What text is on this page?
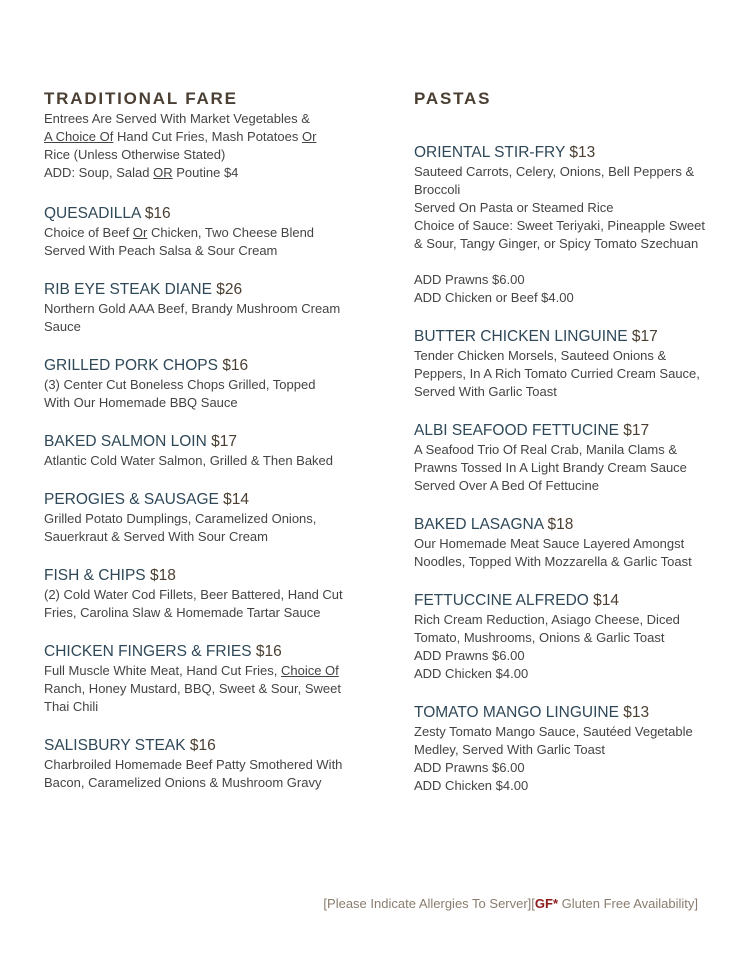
TRADITIONAL FARE

Entrees Are Served With Market Vegetables &
A Choice Of Hand Cut Fries, Mash Potatoes Or
Rice (Unless Otherwise Stated)
ADD: Soup, Salad OR Poutine $4

QUESADILLA $16

Choice of Beef Or Chicken, Two Cheese Blend Served With Peach Salsa & Sour Cream

RIB EYE STEAK DIANE $26

Northern Gold AAA Beef, Brandy Mushroom Cream Sauce

GRILLED PORK CHOPS $16

(3) Center Cut Boneless Chops Grilled, Topped With Our Homemade BBQ Sauce

BAKED SALMON LOIN $17

Atlantic Cold Water Salmon, Grilled & Then Baked

PEROGIES & SAUSAGE $14

Grilled Potato Dumplings, Caramelized Onions, Sauerkraut & Served With Sour Cream

FISH & CHIPS $18

(2) Cold Water Cod Fillets, Beer Battered, Hand Cut Fries, Carolina Slaw & Homemade Tartar Sauce

CHICKEN FINGERS & FRIES $16

Full Muscle White Meat, Hand Cut Fries, Choice Of Ranch, Honey Mustard, BBQ, Sweet & Sour, Sweet Thai Chili

SALISBURY STEAK $16

Charbroiled Homemade Beef Patty Smothered With Bacon, Caramelized Onions & Mushroom Gravy

PASTAS

ORIENTAL STIR-FRY $13

Sauteed Carrots, Celery, Onions, Bell Peppers & Broccoli

Served On Pasta or Steamed Rice

Choice of Sauce: Sweet Teriyaki, Pineapple Sweet & Sour, Tangy Ginger, or Spicy Tomato Szechuan

ADD Prawns $6.00

ADD Chicken or Beef $4.00

BUTTER CHICKEN LINGUINE $17

Tender Chicken Morsels, Sauteed Onions & Peppers, In A Rich Tomato Curried Cream Sauce, Served With Garlic Toast

ALBI SEAFOOD FETTUCINE $17

A Seafood Trio Of Real Crab, Manila Clams & Prawns Tossed In A Light Brandy Cream Sauce Served Over A Bed Of Fettucine

BAKED LASAGNA $18

Our Homemade Meat Sauce Layered Amongst Noodles, Topped With Mozzarella & Garlic Toast

FETTUCCINE ALFREDO $14

Rich Cream Reduction, Asiago Cheese, Diced Tomato, Mushrooms, Onions & Garlic Toast

ADD Prawns $6.00

ADD Chicken $4.00

TOMATO MANGO LINGUINE $13

Zesty Tomato Mango Sauce, Sautéed Vegetable Medley, Served With Garlic Toast

ADD Prawns $6.00

ADD Chicken $4.00

[Please Indicate Allergies To Server][GF* Gluten Free Availability]
